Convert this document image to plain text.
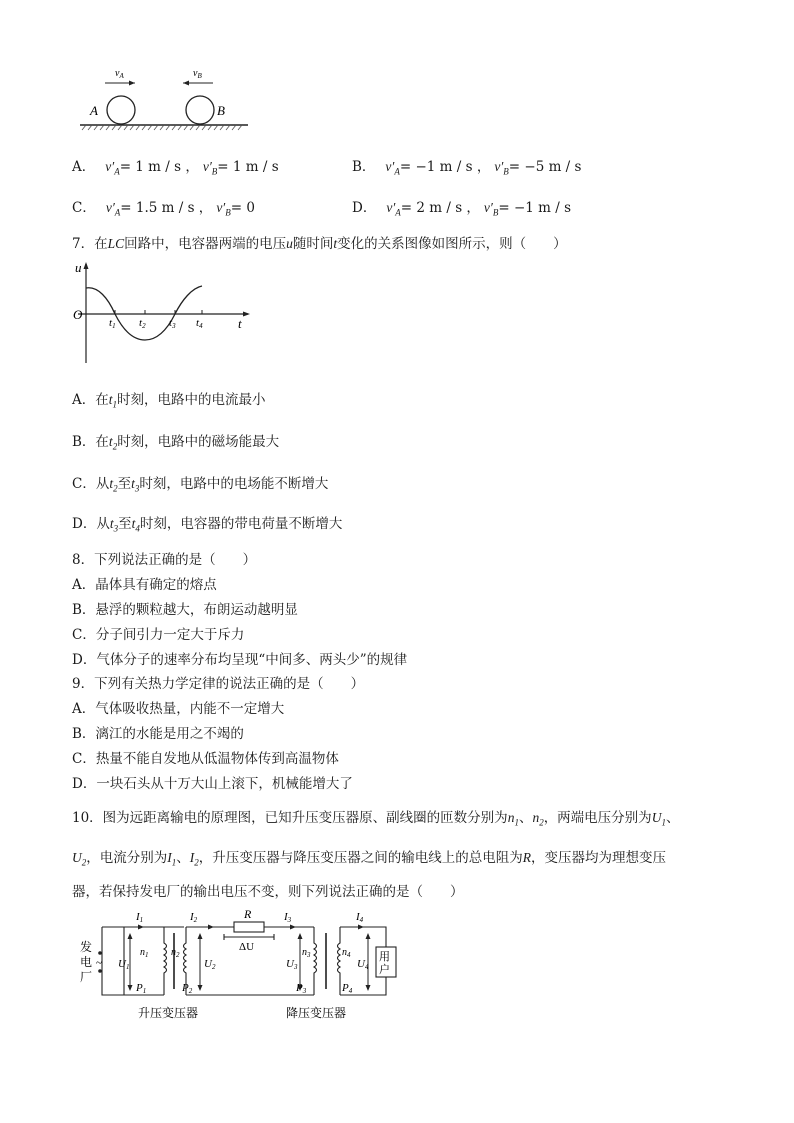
A	B
$v_A$	$v_B$
A． $v'_A= 1$ m / s ， $v'_B= 1$ m / s	B． $v'_A= -1$ m / s ， $v'_B= -5$ m / s
C． $v'_A= 1.5$ m / s ， $v'_B= 0$	D． $v'_A= 2$ m / s ， $v'_B= -1$ m / s
7．在LC回路中，电容器两端的电压u随时间t变化的关系图像如图所示，则（　　）
u
t
O
t1 t2 t3 t4
A．在$t_1$时刻，电路中的电流最小
B．在$t_2$时刻，电路中的磁场能最大
C．从$t_2$至$t_3$时刻，电路中的电场能不断增大
D．从$t_3$至$t_4$时刻，电容器的带电荷量不断增大
8．下列说法正确的是（　　）
A．晶体具有确定的熔点
B．悬浮的颗粒越大，布朗运动越明显
C．分子间引力一定大于斥力
D．气体分子的速率分布均呈现“中间多、两头少”的规律
9．下列有关热力学定律的说法正确的是（　　）
A．气体吸收热量，内能不一定增大
B．漓江的水能是用之不竭的
C．热量不能自发地从低温物体传到高温物体
D．一块石头从十万大山上滚下，机械能增大了
10．图为远距离输电的原理图，已知升压变压器原、副线圈的匝数分别为$n_1$、$n_2$，两端电压分别为$U_1$、
$U_2$，电流分别为$I_1$、$I_2$，升压变压器与降压变压器之间的输电线上的总电阻为R，变压器均为理想变压
器，若保持发电厂的输出电压不变，则下列说法正确的是（　　）
发
电
厂
~
I1	I2	I3	I4
R
ΔU
U1	U2	U3	U4
$n_1$ $n_2$	$n_3$	$n_4$
P1	P2	P3	P4
用
户
升压变压器	降压变压器
